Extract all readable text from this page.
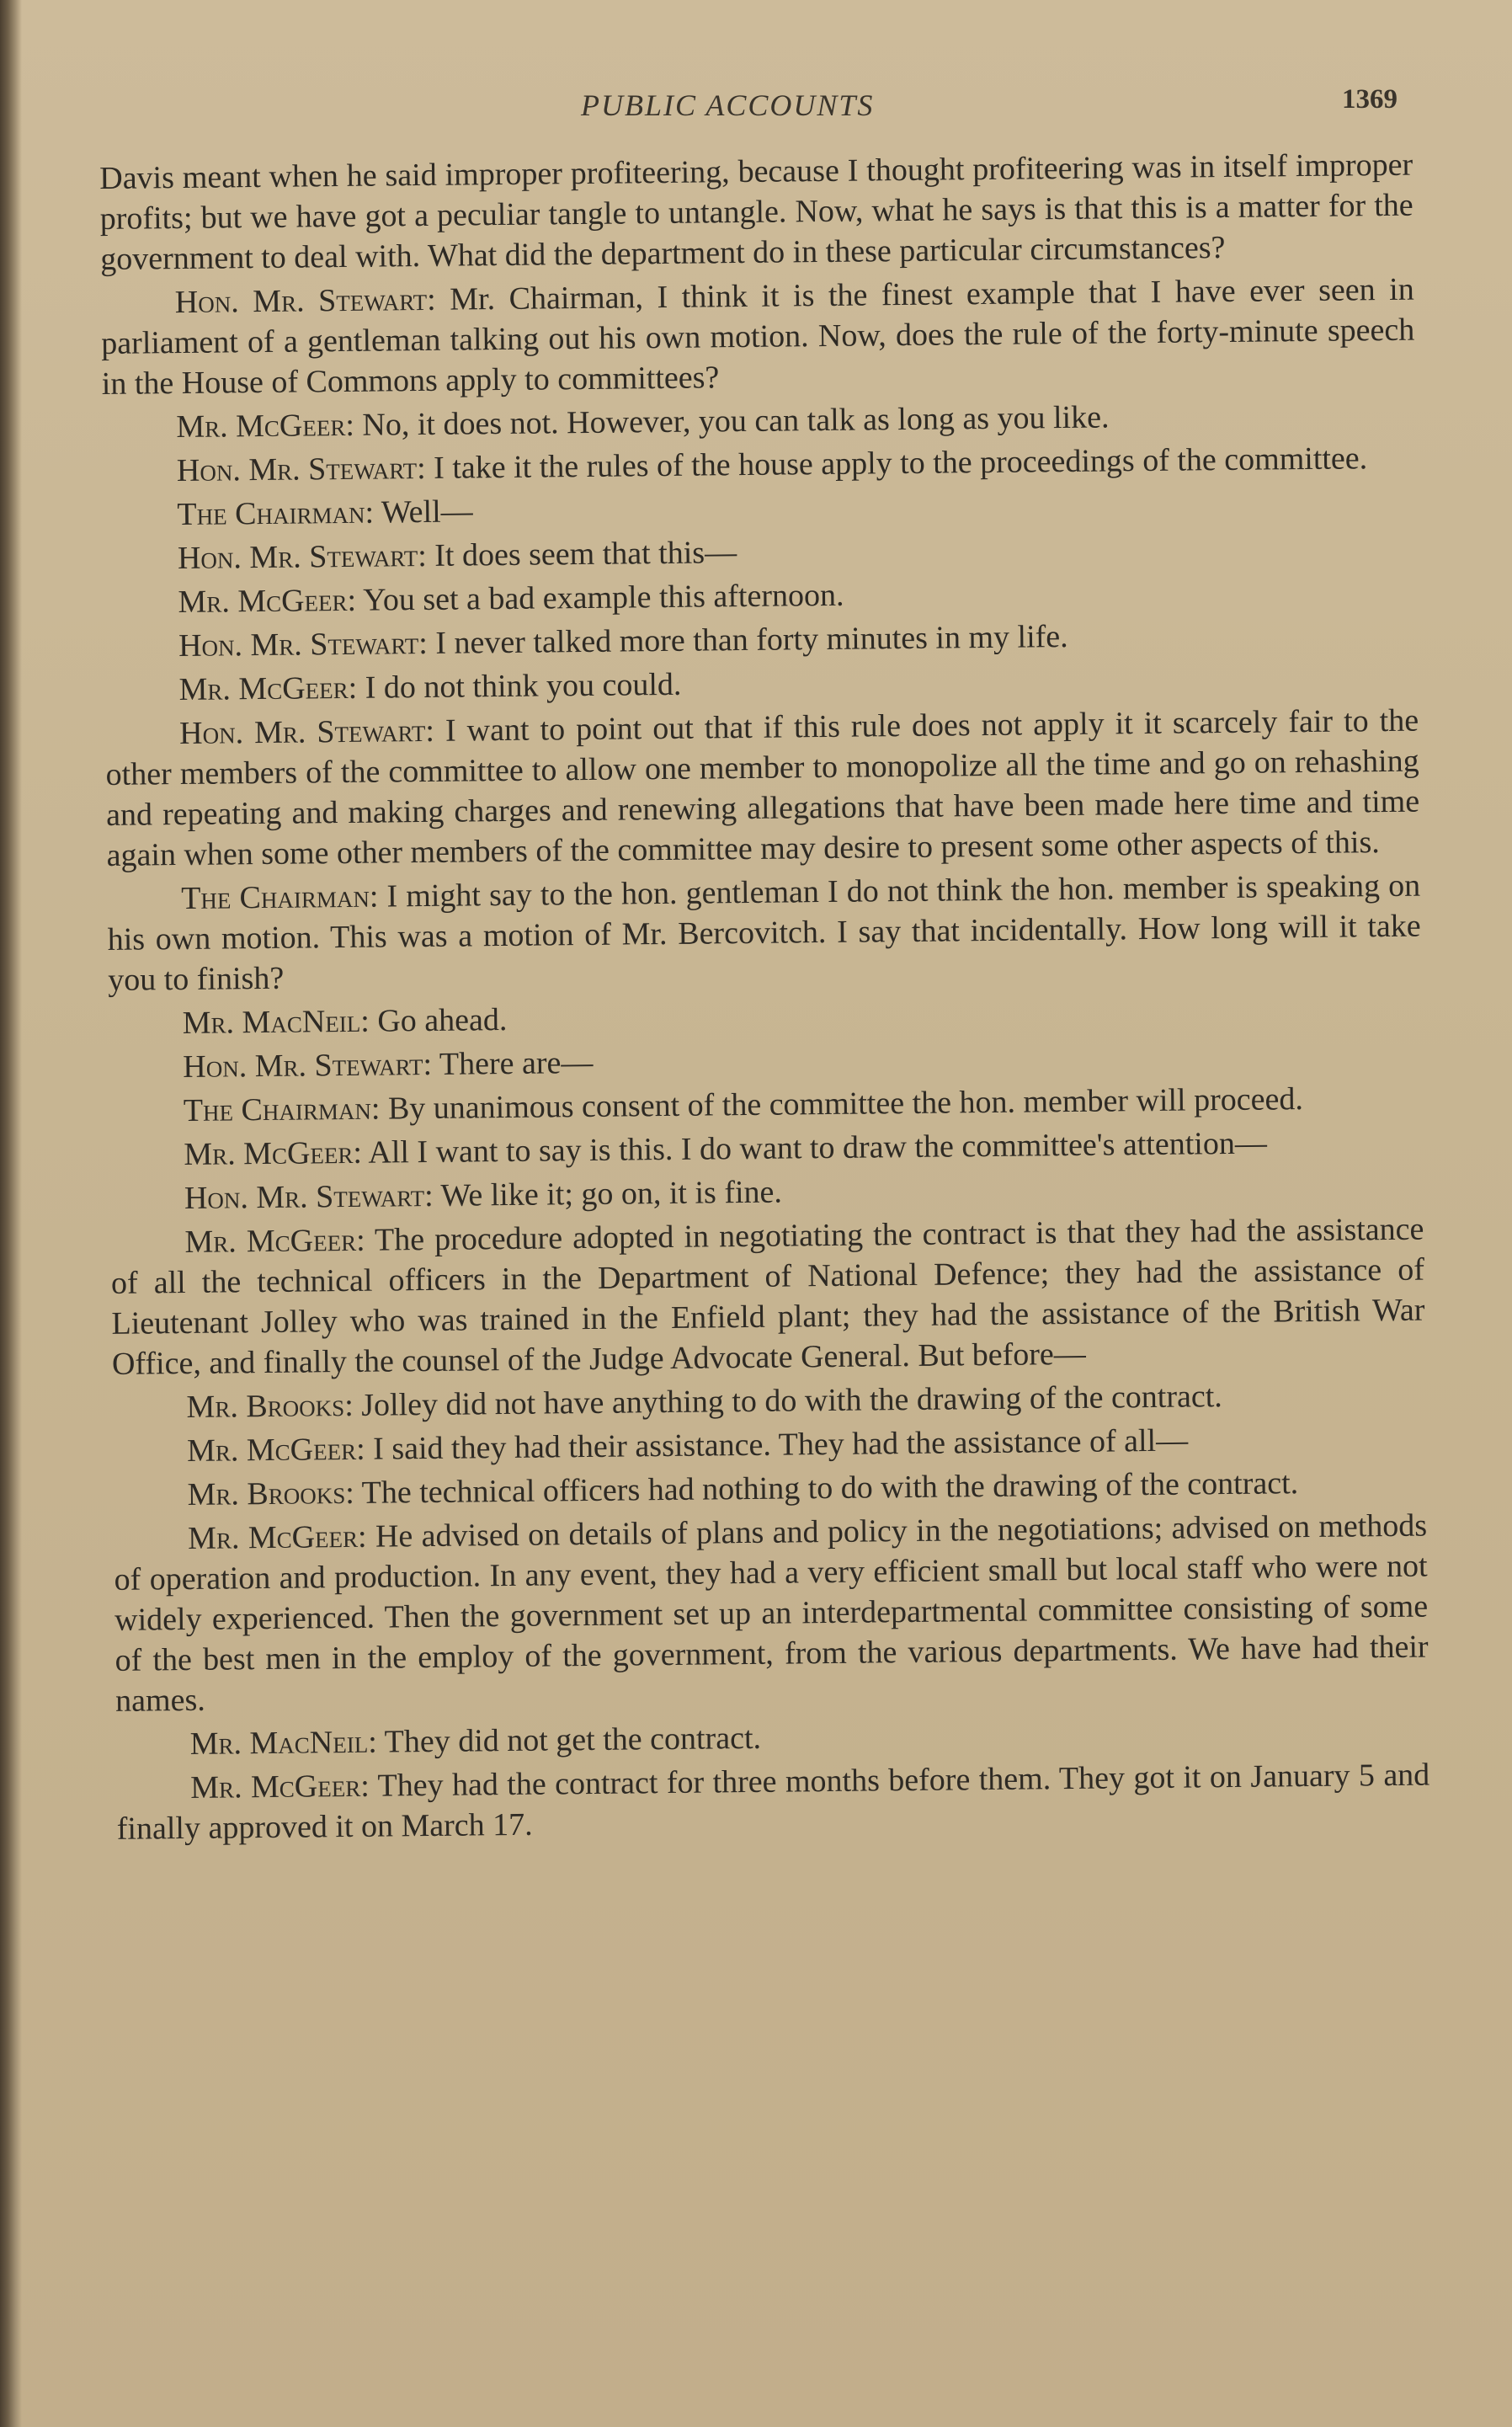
PUBLIC ACCOUNTS	1369

Davis meant when he said improper profiteering, because I thought profiteering was in itself improper profits; but we have got a peculiar tangle to untangle. Now, what he says is that this is a matter for the government to deal with. What did the department do in these particular circumstances?

Hon. Mr. Stewart: Mr. Chairman, I think it is the finest example that I have ever seen in parliament of a gentleman talking out his own motion. Now, does the rule of the forty-minute speech in the House of Commons apply to committees?

Mr. McGeer: No, it does not. However, you can talk as long as you like.

Hon. Mr. Stewart: I take it the rules of the house apply to the proceedings of the committee.

The Chairman: Well—

Hon. Mr. Stewart: It does seem that this—

Mr. McGeer: You set a bad example this afternoon.

Hon. Mr. Stewart: I never talked more than forty minutes in my life.

Mr. McGeer: I do not think you could.

Hon. Mr. Stewart: I want to point out that if this rule does not apply it it scarcely fair to the other members of the committee to allow one member to monopolize all the time and go on rehashing and repeating and making charges and renewing allegations that have been made here time and time again when some other members of the committee may desire to present some other aspects of this.

The Chairman: I might say to the hon. gentleman I do not think the hon. member is speaking on his own motion. This was a motion of Mr. Bercovitch. I say that incidentally. How long will it take you to finish?

Mr. MacNeil: Go ahead.

Hon. Mr. Stewart: There are—

The Chairman: By unanimous consent of the committee the hon. member will proceed.

Mr. McGeer: All I want to say is this. I do want to draw the committee's attention—

Hon. Mr. Stewart: We like it; go on, it is fine.

Mr. McGeer: The procedure adopted in negotiating the contract is that they had the assistance of all the technical officers in the Department of National Defence; they had the assistance of Lieutenant Jolley who was trained in the Enfield plant; they had the assistance of the British War Office, and finally the counsel of the Judge Advocate General. But before—

Mr. Brooks: Jolley did not have anything to do with the drawing of the contract.

Mr. McGeer: I said they had their assistance. They had the assistance of all—

Mr. Brooks: The technical officers had nothing to do with the drawing of the contract.

Mr. McGeer: He advised on details of plans and policy in the negotiations; advised on methods of operation and production. In any event, they had a very efficient small but local staff who were not widely experienced. Then the government set up an interdepartmental committee consisting of some of the best men in the employ of the government, from the various departments. We have had their names.

Mr. MacNeil: They did not get the contract.

Mr. McGeer: They had the contract for three months before them. They got it on January 5 and finally approved it on March 17.
